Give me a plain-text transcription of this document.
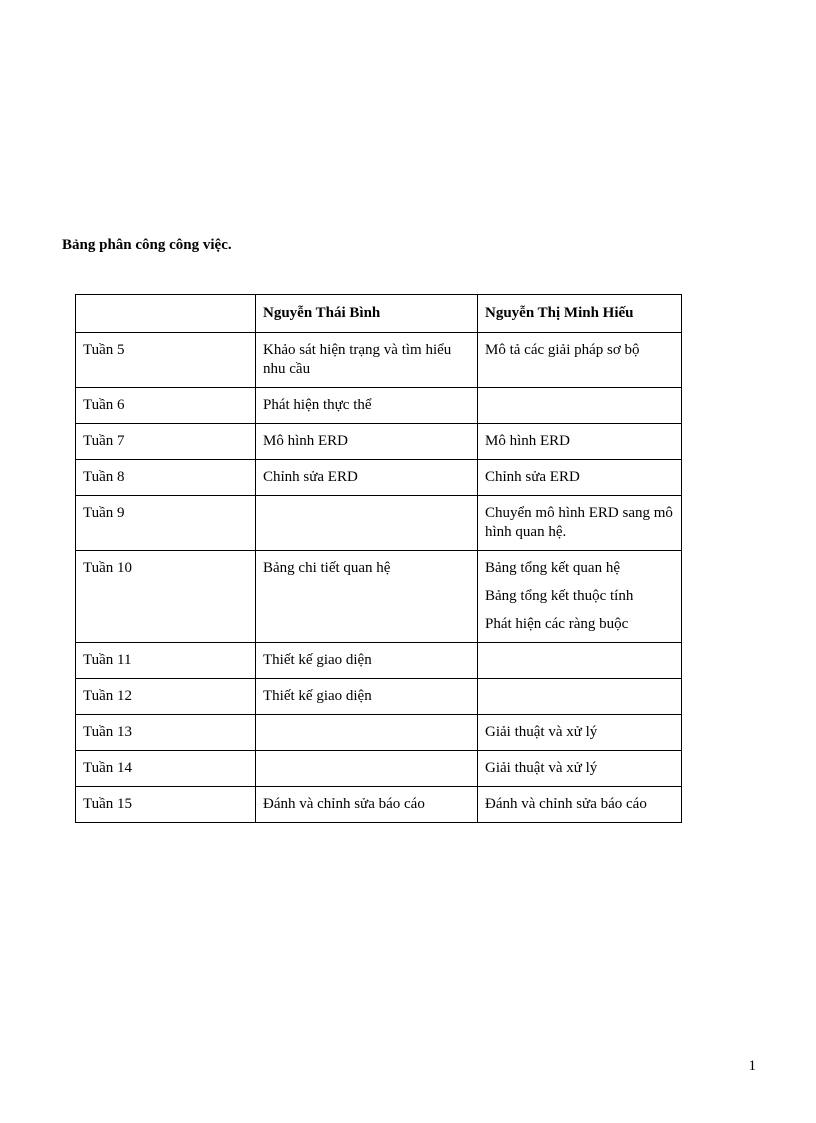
Bảng phân công công việc.
	Nguyễn Thái Bình	Nguyễn Thị Minh Hiếu
Tuần 5	Khảo sát hiện trạng và tìm hiểu nhu cầu	Mô tả các giải pháp sơ bộ

Tuần 6	Phát hiện thực thể	

Tuần 7	Mô hình ERD	Mô hình ERD

Tuần 8	Chỉnh sửa ERD	Chỉnh sửa ERD

Tuần 9		Chuyển mô hình ERD sang mô hình quan hệ.

Tuần 10	Bảng chi tiết quan hệ	Bảng tổng kết quan hệ
Bảng tổng kết thuộc tính
Phát hiện các ràng buộc

Tuần 11	Thiết kế giao diện	

Tuần 12	Thiết kế giao diện	

Tuần 13		Giải thuật và xử lý

Tuần 14		Giải thuật và xử lý

Tuần 15	Đánh và chỉnh sửa báo cáo	Đánh và chỉnh sửa báo cáo
1
